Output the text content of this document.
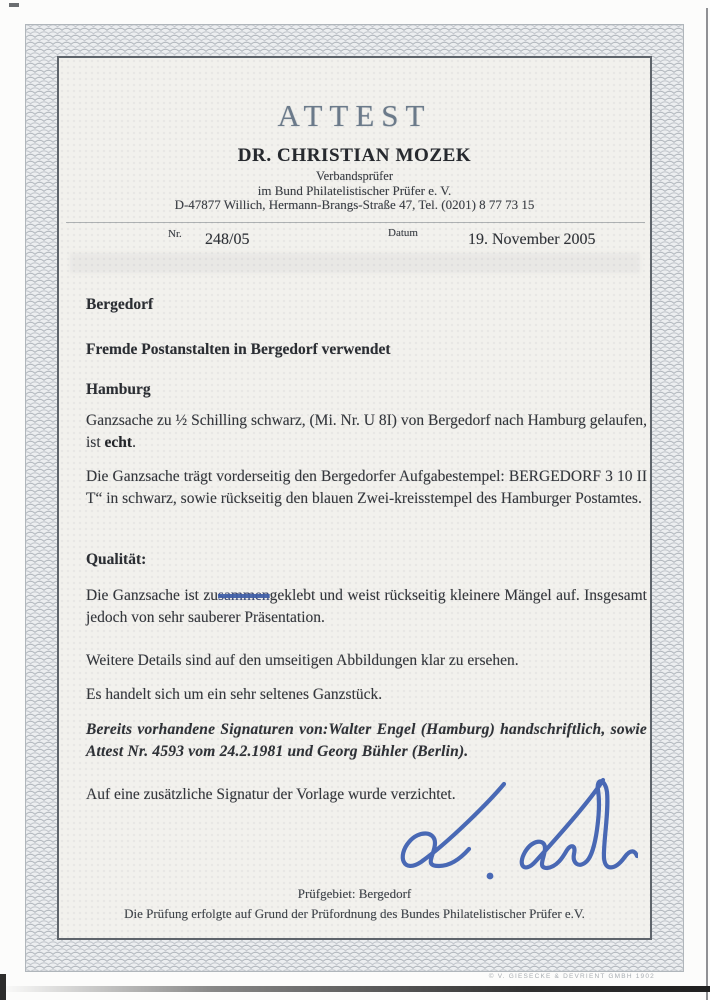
ATTEST
DR. CHRISTIAN MOZEK
Verbandsprüfer
im Bund Philatelistischer Prüfer e. V.
D-47877 Willich, Hermann-Brangs-Straße 47, Tel. (0201) 8 77 73 15
Nr. 248/05	Datum	19. November 2005
Bergedorf
Fremde Postanstalten in Bergedorf verwendet
Hamburg
Ganzsache zu ½ Schilling schwarz, (Mi. Nr. U 8I) von Bergedorf nach Hamburg gelaufen, ist echt.
Die Ganzsache trägt vorderseitig den Bergedorfer Aufgabestempel: BERGEDORF 3 10 II T“ in schwarz, sowie rückseitig den blauen Zwei-kreisstempel des Hamburger Postamtes.
Qualität:
Die Ganzsache ist zusammengeklebt und weist rückseitig kleinere Mängel auf. Insgesamt jedoch von sehr sauberer Präsentation.
Weitere Details sind auf den umseitigen Abbildungen klar zu ersehen.
Es handelt sich um ein sehr seltenes Ganzstück.
Bereits vorhandene Signaturen von:Walter Engel (Hamburg) handschriftlich, sowie Attest Nr. 4593 vom 24.2.1981 und Georg Bühler (Berlin).
Auf eine zusätzliche Signatur der Vorlage wurde verzichtet.
Prüfgebiet: Bergedorf
Die Prüfung erfolgte auf Grund der Prüfordnung des Bundes Philatelistischer Prüfer e.V.
© V. GIESECKE & DEVRIENT GMBH 1902
